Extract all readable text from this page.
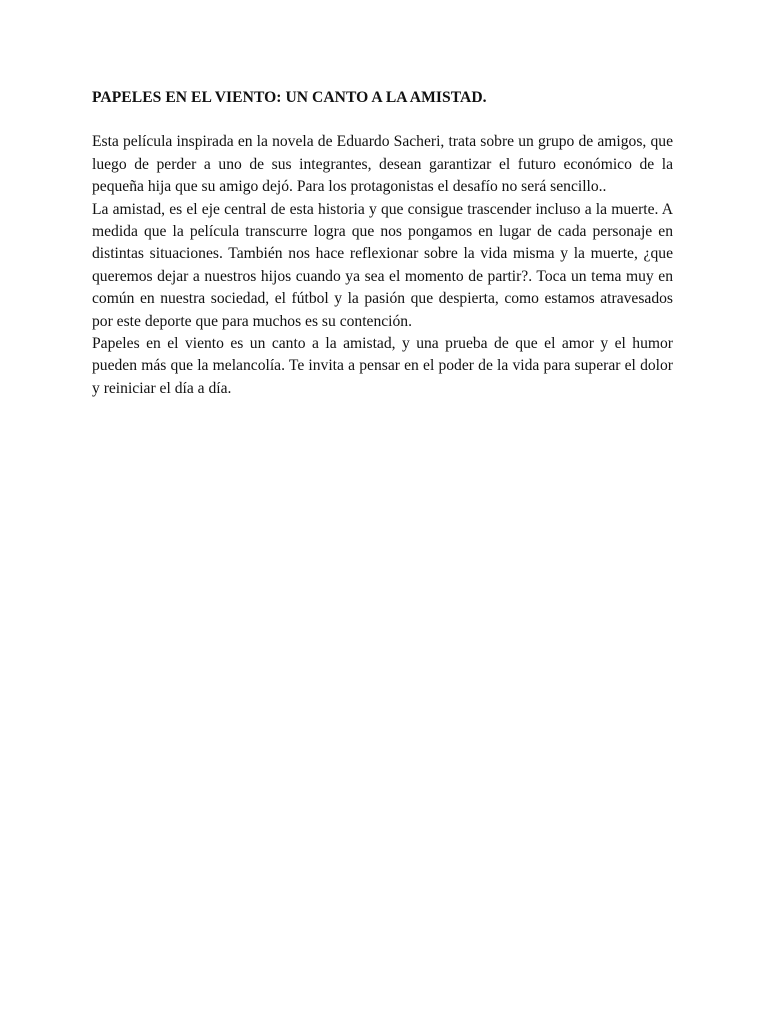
PAPELES EN EL VIENTO: UN CANTO A LA AMISTAD.

Esta película inspirada en la novela de Eduardo Sacheri, trata sobre un grupo de amigos, que luego de perder a uno de sus integrantes, desean garantizar el futuro económico de la pequeña hija que su amigo dejó. Para los protagonistas el desafío no será sencillo..

La amistad, es el eje central de esta historia y que consigue trascender incluso a la muerte. A medida que la película transcurre logra que nos pongamos en lugar de cada personaje en distintas situaciones. También nos hace reflexionar sobre la vida misma y la muerte, ¿que queremos dejar a nuestros hijos cuando ya sea el momento de partir?. Toca un tema muy en común en nuestra sociedad, el fútbol y la pasión que despierta, como estamos atravesados por este deporte que para muchos es su contención.

Papeles en el viento es un canto a la amistad, y una prueba de que el amor y el humor pueden más que la melancolía. Te invita a pensar en el poder de la vida para superar el dolor y reiniciar el día a día.
